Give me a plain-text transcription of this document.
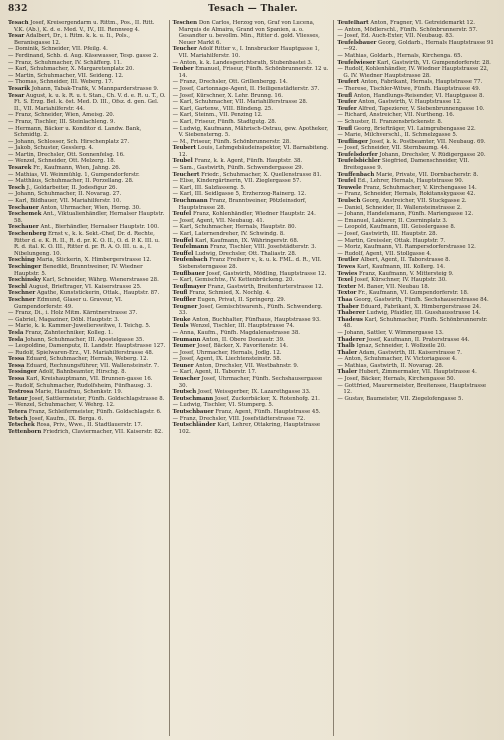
832	Tesach — Thaler.

Tesach Josef, Kreisergendarm u. Rittm., Pos., II. Ritt. V.K. (Ab.), K. d. e. Med. V., IV., III. Rennweg 4.

Tesar Adalbert, Dr., i. Ritm. k. k. u. Ii., Pols., Beranisgasse 12.

— Dominik, Schneider, VII. Pfeilg. 4.

— Ferdinand, Schb. d. Aug. Käsewasser, Tesp. gasse 2.

— Franz, Schuhmacher, IV. Schäfferg. 11.

— Karl, Schuhmacher, X. Margaretenplatz 20.

— Martin, Schuhmacher, VII. Seideng. 12.

— Thomas, Schneider, III. Weberg. 17.

Tesarik Johann, Tabak-Trafik, V. Mannparderstrasse 9.

Tesar August, k. u. k. R. u. t. Stan., Ch. V. d. e. R. u. T., O. Ft. S. Erzg. Bel. k. öst. Med. D. III., Ofsz. d. gen. Gel. II., VII. Mariahilferstr. 44.

— Franz, Schneider, Wien, Ameisg. 20.

— Franz, Tischler, III. Steinlachleng. 9.

— Hermann, Bäcker u. Konditor d. Landw. Bank, Schmidtg. 2.

— Johann, Schlosser, Sch. Hirschenplatz 27.

— Jakob, Schuster, Gesslerg. 4.

— Martin, Drechsler, Ott. Sonnenfelsg. 16.

— Wenzel, Schneider, Ott. Melzerg. 18.

Tesarek Fr., Kaufmann, Wien, Jahng. 26.

— Mathias, VI. Weinmühlg. 1, Gumpendorferstr.

— Matthäus, Schuhmacher, II. Porzellang. 28.

Tesch J., Goldarbeiter, II. Jodesfigur 26.

— Johann, Schuhmacher, II. Novarag. 27.

— Karl, Bildhauer, VII. Mariahilferstr. 10.

Teschauer Anton, Uhrmacher, Wien, Herng. 30.

Teschemek Ant., Viktualienhändler, Hernalser Hauptstr. 58.

Teschauer Ant., Bierhändler, Hernalser Hauptstr. 100.

Teschenberg Ernst v., k. k. Sekt.-Chef, Dr. d. Rechte, Ritter d. e. K. R. II., R. d. pr. K. O. II., O. d. P. K. III. u. R. d. ital. K. O. III., Ritter d. pr. R. A. O. III. u. a., I. Nibelungeng. 10.

Tesching Maria, Stickerin, X. Himbergerstrasse 12.

Teschinger Benedikt, Branntweiner, IV. Wiedner Hauptstr. 5.

Teschinsky Karl, Schneider, Währg. Wienerstrasse 28.

Teschl August, Brieftrager, VI. Kaiserstrasse 25.

Teschner Agathe, Kunststickerin, Ottak., Hauptstr. 87.

Teschner Edmund, Glaser u. Graveur, VI. Gumpendorferstr. 49.

— Franz, Di., i. Holz Mitm. Kärntnerstrasse 37.

— Gabriel, Magaziner, Döbl. Hauptstr. 3.

— Marie, k. k. Kammer-Juwelierswitwe, I. Teichg. 5.

Tesla Franz, Zahntechniker, Kolleg. 1.

Tesla Johann, Schuhmacher, III. Apostelgasse 35.

— Leopoldine, Damenputz, II. Landstr. Hauptstrasse 127.

— Rudolf, Spielwaren-Erz., VI. Mariahilferstrasse 48.

Tessa Eduard, Schuhmacher, Hernals, Weberg. 12.

Tessa Eduard, Rechnungsführer, VII. Wallensteinstr. 7.

Tessinger Adolf, Bahnbeamter, Hirschg. 8.

Tessa Karl, Kreishauptmann, VII. Brunnen-gasse 16.

— Rudolf, Schuhmacher, Rudolfsheim, Fünfhausg. 3.

Testrosa Marie, Hausfrau, Schenkstr. 19.

Tetaur Josef, Sattlermeister, Fünfh. Goldschlagstrasse 8.

— Wenzel, Schuhmacher, V. Wehrg. 12.

Tetera Franz, Schleifermeister, Fünfh. Goldschlagstr. 6.

Tetsch Josef, Kaufm., IX. Berga. 6.

Tetschek Rosa, Priv., Wwe., II. Stadtlauerstr. 17.

Tettenborn Friedrich, Claviermacher, VII. Kaiserstr. 82.

Teschen Don Carlos, Herzog von, Graf von Lucena, Marquis de Almaira, Grand von Spanien, a. o. Gesandter u. bevollm. Min., Ritter d. gold. Vliesses, Neuer Markt 6.

Teucher Adolf Ritter v., I. Innsbrucker Hauptgasse 1, VII. Mariahilferstr. 10.

— Anton, k. k. Landesgerichtsrath, Stubenbastei 3.

Teuber Emanuel, Friseur, Fünfh. Schönbrunnerstr. 12 u. 14.

— Franz, Drechsler, Ott. Grillenbergg. 14.

— Josef, Cartonnage-Agent, II. Heiligenstädterstr. 37.

— Josef, Kürschner, X. Lehr. Brunng. 16.

— Karl, Schuhmacher, VII. Mariahilferstrasse 28.

— Karl, Gartenw., VIII. Blindeng. 25.

— Karl, Steinm., VII. Penzing 12.

— Karl, Friseur, Fünfh. Stadtgutg. 28.

— Ludwig, Kaufmann, Mährisch-Ostrau, gew. Apotheker, V. Siebensterng. 5.

— M., Friseur, Fünfh. Schönbrunnerstr. 28.

Teubert Louis, Lehmgebäudeinspektor, VI. Barnabiteng. 12.

Teubel Franz, k. k. Agent, Fünfh. Hauptstr. 38.

— Sam., Gastwirth, Fünfh. Schwendergasse 29.

Teuchert Friedr., Schuhmacher, X. Quellenstrasse 81.

— Elise, Kindergärtnerin, VII. Zieglergasse 57.

— Karl, III. Salzfasseng. 5.

— Karl, III. Seidlgasse 5, Erzherzog-Rainerg. 12.

Teuchmann Franz, Branntweiner, Pötzleinsdorf, Hauptstrasse 28.

Teufel Franz, Kohlenhändler, Wiedner Hauptstr. 24.

— Josef, Agent, VII. Neubaug. 41.

— Karl, Schuhmacher, Hernals, Hauptstr. 80.

— Karl, Laternendreher, IV. Schwindg. 8.

Teuffel Karl, Kaufmann, IX. Währingerstr. 68.

Teufelmann Franz, Tischler, VIII. Josefstädterstr. 3.

Teuffel Ludwig, Drechsler, Ott. Thaliastr. 28.

Teufenbach Franz Freiherr v., k. u. k. FML. d. R., VII. Siebensterngasse 28.

Teuflbauer Josef, Gastwirth, Mödling, Hauptstrasse 12.

— Karl, Gemischtw., IV. Kettenbrückeng. 20.

Teuflmayer Franz, Gastwirth, Breitenfurterstrasse 12.

Teufl Franz, Schmied, X. Nochlg. 4.

Teuffler Eugen, Privat, II. Springerg. 29.

Teugner Josef, Gemischtwarenh., Fünfh. Schwenderg. 33.

Teuke Anton, Buchhalter, Fünfhaus, Hauptstrasse 93.

Teuls Wenzel, Tischler, III. Hauptstrasse 74.

— Anna, Kaufm., Fünfh. Magdalenastrasse 38.

Teumann Anton, II. Obere Donaustr. 39.

Teumer Josef, Bäcker, X. Favoritenstr. 14.

— Josef, Uhrmacher, Hernals, Jodlg. 12.

— Josef, Agent, IX. Liechtensteinstr. 58.

Teuner Anton, Drechsler, VII. Westbahnstr. 9.

— Karl, Agent, II. Taborstr. 17.

Teuscher Josef, Uhrmacher, Fünfh. Sechshausergasse 30.

Teutsch Josef, Weissgerber, IX. Lazarethgasse 33.

Teutschmann Josef, Zuckerbäcker, X. Rotenhofg. 21.

— Ludwig, Tischler, VI. Stumperg. 5.

Teutschbauer Franz, Agent, Fünfh. Hauptstrasse 45.

— Franz, Drechsler, VIII. Josefstädterstrasse 72.

Teutschländer Karl, Lehrer, Ottakring, Hauptstrasse 102.

Teufelhart Anton, Fragner, VI. Getreidemarkt 12.

— Anton, Mödlerschl., Fünfh. Schönbrunnerstr. 57.

— Josef, Ed. Auch-Exter, VII. Neubaug. 83.

Teufelsbauer Georg, Goldarb., Hernals Hauptstrasse 91—92.

— Mathias, Goldarb., Hernals, Kirchenga. 65.

Teufelwieser Karl, Gastwirth, VI. Gumpendorferstr. 28.

— Rudolf, Kohlenhändler, IV. Wiedner Hauptstrasse 22, G. IV. Wiedner Hauptstrasse 28.

Teufert Anton, Fabrikant, Hernals, Hauptstrasse 77.

— Therese, Tischler-Witwe, Fünfh. Hauptstrasse 49.

Teufl Anton, Handlungs-Reisender, VI. Hauptgasse 8.

Teufer Anton, Gastwirth, V. Hauptstrasse 12.

Teufer Alfred, Tapezierer, V. Siebenbrunnengasse 10.

— Richard, Anstreicher, VII. Nurtheng. 16.

— Schuster, II. Franzensbrückenstr. 8.

Teufl Georg, Briefträger, VI. Laimgrubengasse 22.

— Marie, Milchverschl., II. Schmelzgasse 5.

Teuflinger Josef, k. k. Postbeamter, VII. Neubaug. 69.

— Josef, Schneider, VII. Sternbaumg. 44.

Teufelsdorfer Johann, Drechsler, V. Rüdigergasse 20.

Teufelsbichler Siegfried, Damenschneider, VII. Breitegasse 9.

Teuffenbach Marie, Private, VII. Dornbacherstr. 8.

Teufel Ed., Lehrer, Hernals, Hauptstrasse 90.

Teuwele Franz, Schuhmacher, V. Kirchengasse 14.

— Franz, Schneider, Hernals, Rokitanskygasse 42.

Teulsch Georg, Anstreicher, VII. Stuckgasse 2.

— Daniel, Schneider, II. Wallensteinstrasse 2.

— Johann, Handelsmann, Fünfh. Mariengasse 12.

— Emanuel, Lakierer, II. Czerninplatz 3.

— Leopold, Kaufmann, III. Geisslergasse 8.

— Josef, Gastwirth, III. Hauptstr. 28.

— Martin, Greissler, Ottak. Hauptstr. 7.

— Moriz, Kaufmann, VI. Rampersdorferstrasse 12.

— Rudolf, Agent, VII. Stollgasse 4.

Teutler Albert, Agent, II. Taborstrasse 8.

Tewes Karl, Kaufmann, III. Kollerg. 14.

Tewies Franz, Kaufmann, V. Mittersteig 9.

Texel Josef, Kürschner, IV. Hauptstr. 30.

Texter M. Baner, VII. Neubau 18.

Textor Fr., Kaufmann, VI. Gumpendorferstr. 18.

Thaa Georg, Gastwirth, Fünfh. Sechshauserstrasse 84.

Thaber Eduard, Fabrikant, X. Himbergerstrasse 24.

Thaberer Ludwig, Pfaidler, III. Gusshausstrasse 14.

Thadeus Karl, Schuhmacher, Fünfh. Schönbrunnerstr. 48.

— Johann, Sattler, V. Wimmergasse 13.

Thaderer Josef, Kaufmann, II. Praterstrasse 44.

Thalb Ignaz, Schneider, I. Wollzeile 20.

Thaler Adam, Gastwirth, III. Kaiserstrasse 7.

— Anton, Schuhmacher, IV. Victoriagasse 4.

— Mathias, Gastwirth, II. Novarag. 28.

Thaler Hubert, Zimmermaler, VII. Hauptstrasse 4.

— Josef, Bäcker, Hernals, Kirchengasse 50.

— Gottfried, Maurermeister, Breitensee, Hauptstrasse 12.

— Gustav, Baumeister, VII. Ziegelofengasse 5.
